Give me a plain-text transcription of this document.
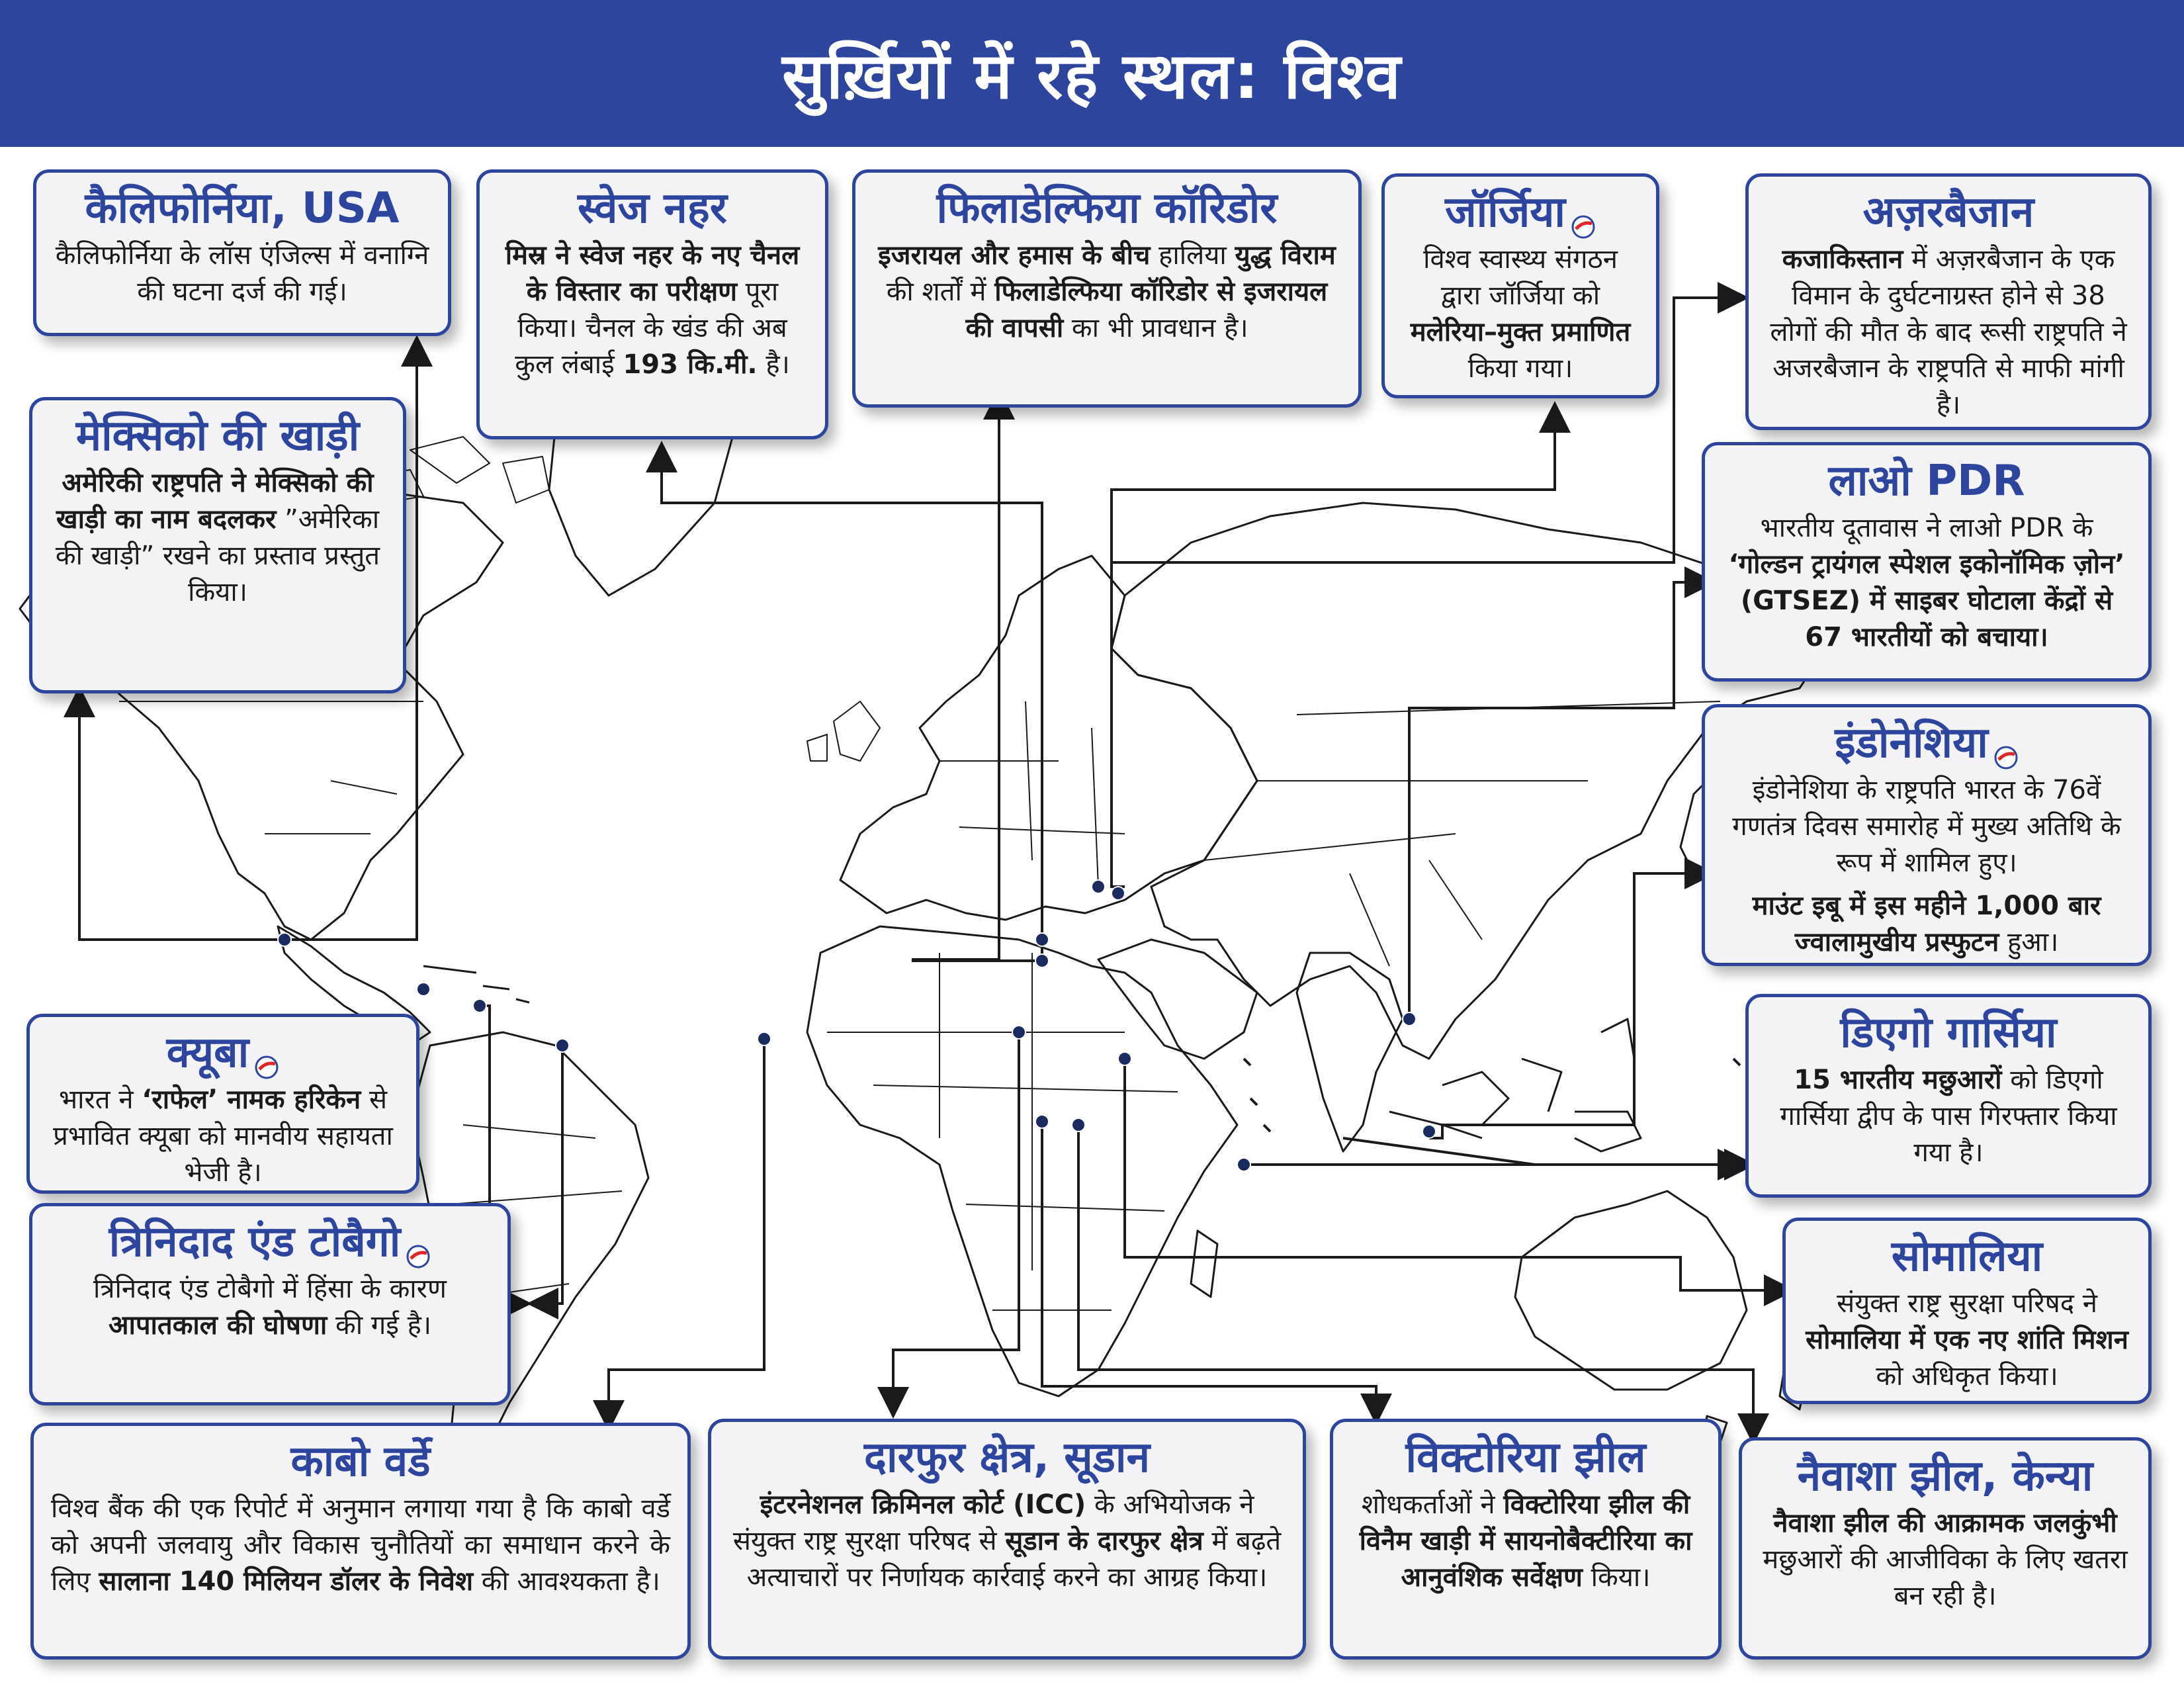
सुर्ख़ियों में रहे स्थल: विश्व
कैलिफोर्निया, USA
कैलिफोर्निया के लॉस एंजिल्स में वनाग्नि की घटना दर्ज की गई।
स्वेज नहर
मिस्र ने स्वेज नहर के नए चैनल के विस्तार का परीक्षण पूरा किया। चैनल के खंड की अब कुल लंबाई 193 कि.मी. है।
फिलाडेल्फिया कॉरिडोर
इजरायल और हमास के बीच हालिया युद्ध विराम की शर्तों में फिलाडेल्फिया कॉरिडोर से इजरायल की वापसी का भी प्रावधान है।
जॉर्जिया
विश्व स्वास्थ्य संगठन द्वारा जॉर्जिया को मलेरिया–मुक्त प्रमाणित किया गया।
अज़रबैजान
कजाकिस्तान में अज़रबैजान के एक विमान के दुर्घटनाग्रस्त होने से 38 लोगों की मौत के बाद रूसी राष्ट्रपति ने अजरबैजान के राष्ट्रपति से माफी मांगी है।
मेक्सिको की खाड़ी
अमेरिकी राष्ट्रपति ने मेक्सिको की खाड़ी का नाम बदलकर ”अमेरिका की खाड़ी” रखने का प्रस्ताव प्रस्तुत किया।
लाओ PDR
भारतीय दूतावास ने लाओ PDR के ‘गोल्डन ट्रायंगल स्पेशल इकोनॉमिक ज़ोन’ (GTSEZ) में साइबर घोटाला केंद्रों से 67 भारतीयों को बचाया।
इंडोनेशिया
इंडोनेशिया के राष्ट्रपति भारत के 76वें गणतंत्र दिवस समारोह में मुख्य अतिथि के रूप में शामिल हुए।
माउंट इबू में इस महीने 1,000 बार ज्वालामुखीय प्रस्फुटन हुआ।
क्यूबा
भारत ने ‘राफेल’ नामक हरिकेन से प्रभावित क्यूबा को मानवीय सहायता भेजी है।
डिएगो गार्सिया
15 भारतीय मछुआरों को डिएगो गार्सिया द्वीप के पास गिरफ्तार किया गया है।
त्रिनिदाद एंड टोबैगो
त्रिनिदाद एंड टोबैगो में हिंसा के कारण आपातकाल की घोषणा की गई है।
सोमालिया
संयुक्त राष्ट्र सुरक्षा परिषद ने सोमालिया में एक नए शांति मिशन को अधिकृत किया।
काबो वर्डे
विश्व बैंक की एक रिपोर्ट में अनुमान लगाया गया है कि काबो वर्डे को अपनी जलवायु और विकास चुनौतियों का समाधान करने के लिए सालाना 140 मिलियन डॉलर के निवेश की आवश्यकता है।
दारफुर क्षेत्र, सूडान
इंटरनेशनल क्रिमिनल कोर्ट (ICC) के अभियोजक ने संयुक्त राष्ट्र सुरक्षा परिषद से सूडान के दारफुर क्षेत्र में बढ़ते अत्याचारों पर निर्णायक कार्रवाई करने का आग्रह किया।
विक्टोरिया झील
शोधकर्ताओं ने विक्टोरिया झील की विनैम खाड़ी में सायनोबैक्टीरिया का आनुवंशिक सर्वेक्षण किया।
नैवाशा झील, केन्या
नैवाशा झील की आक्रामक जलकुंभी मछुआरों की आजीविका के लिए खतरा बन रही है।
